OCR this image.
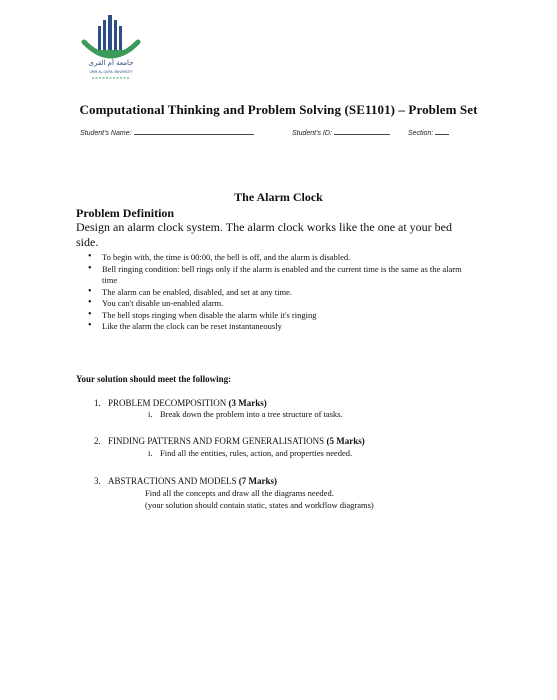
جامعة أم القرى
UMM AL-QURA UNIVERSITY
Computational Thinking and Problem Solving (SE1101) – Problem Set
Student's Name:	Student's ID:	Section:
The Alarm Clock
Problem Definition
Design an alarm clock system. The alarm clock works like the one at your bed side.
• To begin with, the time is 00:00, the bell is off, and the alarm is disabled.
• Bell ringing condition: bell rings only if the alarm is enabled and the current time is the same as the alarm time
• The alarm can be enabled, disabled, and set at any time.
• You can't disable un-enabled alarm.
• The bell stops ringing when disable the alarm while it's ringing
• Like the alarm the clock can be reset instantaneously
Your solution should meet the following:
1. PROBLEM DECOMPOSITION (3 Marks)
i. Break down the problem into a tree structure of tasks.
2. FINDING PATTERNS AND FORM GENERALISATIONS (5 Marks)
i. Find all the entities, rules, action, and properties needed.
3. ABSTRACTIONS AND MODELS (7 Marks)
Find all the concepts and draw all the diagrams needed.
(your solution should contain static, states and workflow diagrams)
